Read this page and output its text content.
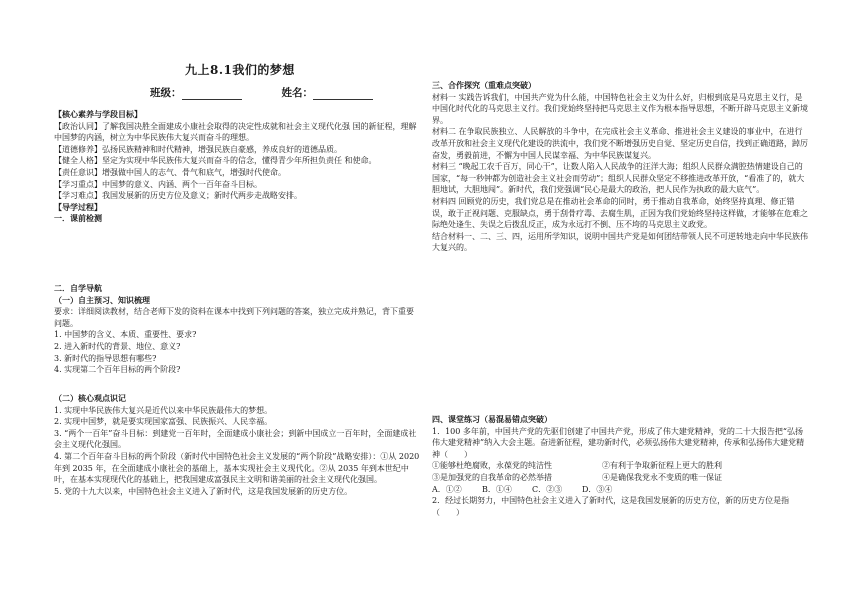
九上8.1我们的梦想
班级：	姓名：

【核心素养与学段目标】

【政治认同】了解我国决胜全面建成小康社会取得的决定性成就和社会主义现代化强 国的新征程，理解中国梦的内涵，树立为中华民族伟大复兴而奋斗的理想。

【道德修养】弘扬民族精神和时代精神，增强民族自豪感，养成良好的道德品质。

【健全人格】坚定为实现中华民族伟大复兴而奋斗的信念，懂得青少年所担负责任 和使命。

【责任意识】增强做中国人的志气、骨气和底气，增强时代使命。

【学习重点】中国梦的意义、内涵、两个一百年奋斗目标。

【学习难点】我国发展新的历史方位及意义；新时代两步走战略安排。

【导学过程】

一．课前检测

二．自学导航

（一）自主预习、知识梳理

要求：详细阅读教材，结合老师下发的资料在课本中找到下列问题的答案，独立完成并熟记，背下重要问题。

1. 中国梦的含义、本质、重要性、要求?

2. 进入新时代的背景、地位、意义?

3. 新时代的指导思想有哪些?

4. 实现第二个百年目标的两个阶段?

（二）核心观点识记

1. 实现中华民族伟大复兴是近代以来中华民族最伟大的梦想。

2. 实现中国梦，就是要实现国家富强、民族振兴、人民幸福。

3. “两个一百年”奋斗目标：到建党一百年时，全面建成小康社会；到新中国成立一百年时，全面建成社会主义现代化强国。

4. 第二个百年奋斗目标的两个阶段（新时代中国特色社会主义发展的“两个阶段”战略安排）：①从 2020 年到 2035 年，在全面建成小康社会的基础上，基本实现社会主义现代化。②从 2035 年到本世纪中叶，在基本实现现代化的基础上，把我国建成富强民主文明和谐美丽的社会主义现代化强国。

5. 党的十九大以来，中国特色社会主义进入了新时代，这是我国发展新的历史方位。

三、合作探究（重难点突破）

材料一 实践告诉我们，中国共产党为什么能，中国特色社会主义为什么好，归根到底是马克思主义行，是中国化时代化的马克思主义行。我们党始终坚持把马克思主义作为根本指导思想，不断开辟马克思主义新境界。

材料二 在争取民族独立、人民解放的斗争中，在完成社会主义革命、推进社会主义建设的事业中，在进行改革开放和社会主义现代化建设的洪流中，我们党不断增强历史自觉、坚定历史自信，找到正确道路，踔厉奋发，勇毅前进，不懈为中国人民谋幸福、为中华民族谋复兴。

材料三 “晚起工农千百万，同心干”，让数人陷入人民战争的汪洋大海；组织人民群众满腔热情建设自己的国家，“每一秒钟都为创造社会主义社会而劳动”；组织人民群众坚定不移推进改革开放，“看准了的，就大胆地试，大胆地闯”。新时代，我们党强调“民心是最大的政治，把人民作为执政的最大底气”。

材料四 回顾党的历史，我们党总是在推动社会革命的同时，勇于推动自我革命，始终坚持真理、修正错误，敢于正视问题、克服缺点，勇于刮骨疗毒、去腐生肌，正因为我们党始终坚持这样做，才能够在危难之际绝处逢生、失误之后拨乱反正，成为永远打不倒、压不垮的马克思主义政党。

结合材料一、二、三、四，运用所学知识，说明中国共产党是如何团结带领人民不可逆转地走向中华民族伟大复兴的。

四、课堂练习（易混易错点突破）

1．100 多年前，中国共产党的先驱们创建了中国共产党，形成了伟大建党精神，党的二十大报告把“弘扬伟大建党精神”纳入大会主题。奋进新征程，建功新时代，必须弘扬伟大建党精神，传承和弘扬伟大建党精神（　　）

①能够杜绝腐败，永葆党的纯洁性	②有利于争取新征程上更大的胜利
③是加强党的自我革命的必然举措	④是确保我党永不变质的唯一保证
A．①②	B．①④	C．②③	D．③④

2．经过长期努力，中国特色社会主义进入了新时代，这是我国发展新的历史方位，新的历史方位是指（　　）
